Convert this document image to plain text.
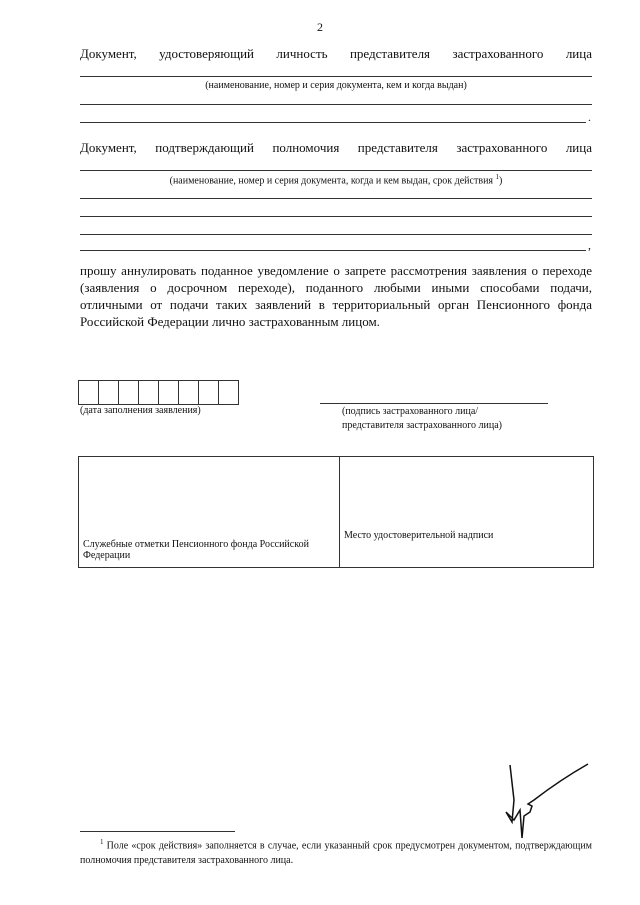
2
Документ, удостоверяющий личность представителя застрахованного лица
(наименование, номер и серия документа, кем и когда выдан)
.
Документ, подтверждающий полномочия представителя застрахованного лица
(наименование, номер и серия документа, когда и кем выдан, срок действия $^1$)
,
прошу аннулировать поданное уведомление о запрете рассмотрения заявления о переходе (заявления о досрочном переходе), поданного любыми иными способами подачи, отличными от подачи таких заявлений в территориальный орган Пенсионного фонда Российской Федерации лично застрахованным лицом.
(дата заполнения заявления)	(подпись застрахованного лица/
представителя застрахованного лица)
Служебные отметки Пенсионного фонда Российской Федерации	Место удостоверительной надписи
$^1$ Поле «срок действия» заполняется в случае, если указанный срок предусмотрен документом, подтверждающим полномочия представителя застрахованного лица.
